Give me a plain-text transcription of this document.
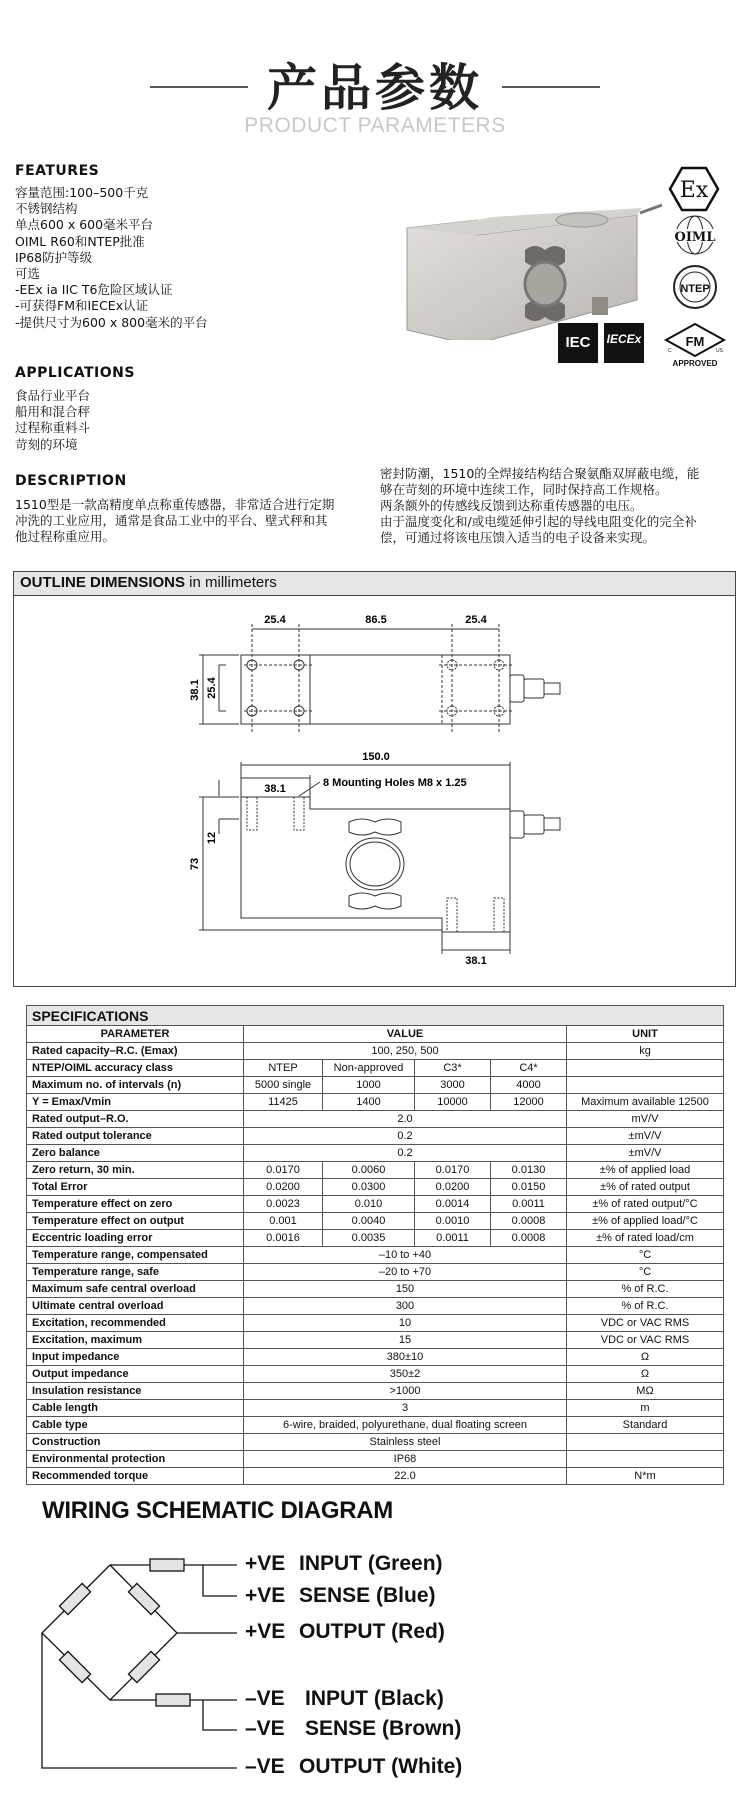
产品参数
PRODUCT PARAMETERS
FEATURES
容量范围:100–500千克
不锈钢结构
单点600 x 600毫米平台
OIML R60和NTEP批准
IP68防护等级
可选
-EEx ia IIC T6危险区域认证
-可获得FM和IECEx认证
-提供尺寸为600 x 800毫米的平台
Ex
OIML
NTEP
IEC	IECEx	FM
C	US
APPROVED
APPLICATIONS
食品行业平台
船用和混合秤
过程称重料斗
苛刻的环境
DESCRIPTION
1510型是一款高精度单点称重传感器，非常适合进行定期
冲洗的工业应用，通常是食品工业中的平台、壁式秤和其
他过程称重应用。
密封防潮，1510的全焊接结构结合聚氨酯双屏蔽电缆，能
够在苛刻的环境中连续工作，同时保持高工作规格。
两条额外的传感线反馈到达称重传感器的电压。
由于温度变化和/或电缆延伸引起的导线电阻变化的完全补
偿，可通过将该电压馈入适当的电子设备来实现。
OUTLINE DIMENSIONS in millimeters
25.4	86.5	25.4
38.1 25.4
150.0
38.1	8 Mounting Holes M8 x 1.25
73
12
38.1
SPECIFICATIONS					
PARAMETER	VALUE				UNIT
Rated capacity–R.C. (Emax)	100, 250, 500				kg
NTEP/OIML accuracy class	NTEP	Non-approved	C3*	C4*	
Maximum no. of intervals (n)	5000 single	1000	3000	4000	
Y = Emax/Vmin	11425	1400	10000	12000	Maximum available 12500
Rated output–R.O.	2.0				mV/V
Rated output tolerance	0.2				±mV/V
Zero balance	0.2				±mV/V
Zero return, 30 min.	0.0170	0.0060	0.0170	0.0130	±% of applied load
Total Error	0.0200	0.0300	0.0200	0.0150	±% of rated output
Temperature effect on zero	0.0023	0.010	0.0014	0.0011	±% of rated output/°C
Temperature effect on output	0.001	0.0040	0.0010	0.0008	±% of applied load/°C
Eccentric loading error	0.0016	0.0035	0.0011	0.0008	±% of rated load/cm
Temperature range, compensated	–10 to +40				°C
Temperature range, safe	–20 to +70				°C
Maximum safe central overload	150				% of R.C.
Ultimate central overload	300				% of R.C.
Excitation, recommended	10				VDC or VAC RMS
Excitation, maximum	15				VDC or VAC RMS
Input impedance	380±10				Ω
Output impedance	350±2				Ω
Insulation resistance	>1000				MΩ
Cable length	3				m
Cable type	6-wire, braided, polyurethane, dual floating screen				Standard
Construction	Stainless steel				
Environmental protection	IP68				
Recommended torque	22.0				N*m
WIRING SCHEMATIC DIAGRAM
+VE INPUT (Green)
+VE SENSE (Blue)
+VE OUTPUT (Red)
–VE INPUT (Black)
–VE SENSE (Brown)
–VE OUTPUT (White)
